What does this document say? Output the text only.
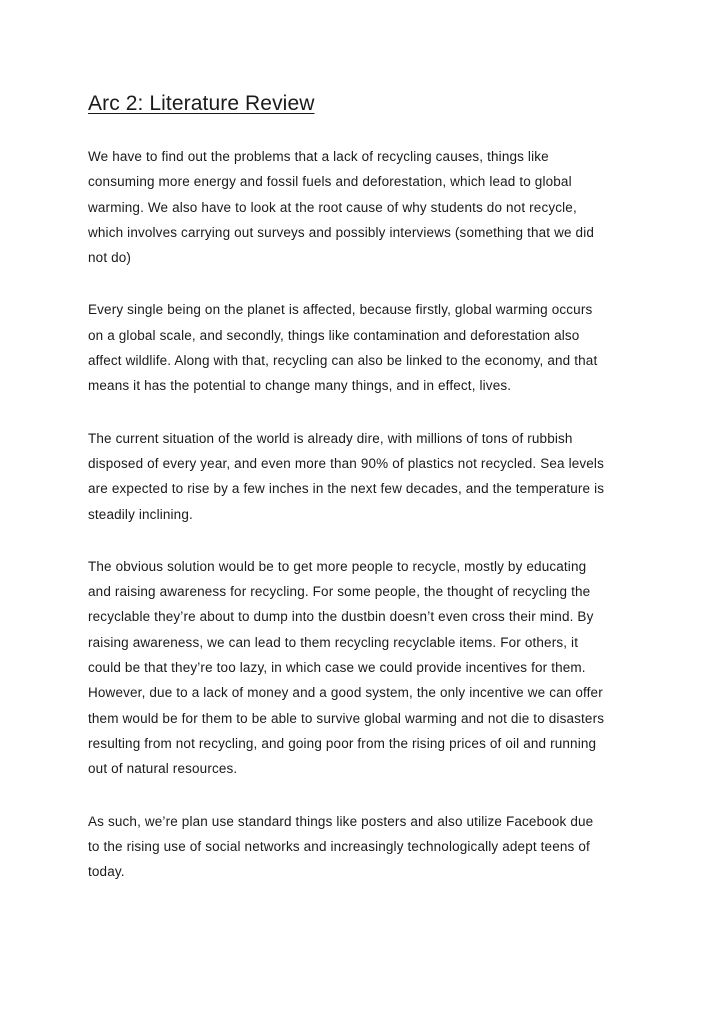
Arc 2: Literature Review

We have to find out the problems that a lack of recycling causes, things like
consuming more energy and fossil fuels and deforestation, which lead to global
warming. We also have to look at the root cause of why students do not recycle,
which involves carrying out surveys and possibly interviews (something that we did
not do)

Every single being on the planet is affected, because firstly, global warming occurs
on a global scale, and secondly, things like contamination and deforestation also
affect wildlife. Along with that, recycling can also be linked to the economy, and that
means it has the potential to change many things, and in effect, lives.

The current situation of the world is already dire, with millions of tons of rubbish
disposed of every year, and even more than 90% of plastics not recycled. Sea levels
are expected to rise by a few inches in the next few decades, and the temperature is
steadily inclining.

The obvious solution would be to get more people to recycle, mostly by educating
and raising awareness for recycling. For some people, the thought of recycling the
recyclable they’re about to dump into the dustbin doesn’t even cross their mind. By
raising awareness, we can lead to them recycling recyclable items. For others, it
could be that they’re too lazy, in which case we could provide incentives for them.
However, due to a lack of money and a good system, the only incentive we can offer
them would be for them to be able to survive global warming and not die to disasters
resulting from not recycling, and going poor from the rising prices of oil and running
out of natural resources.

As such, we’re plan use standard things like posters and also utilize Facebook due
to the rising use of social networks and increasingly technologically adept teens of
today.
